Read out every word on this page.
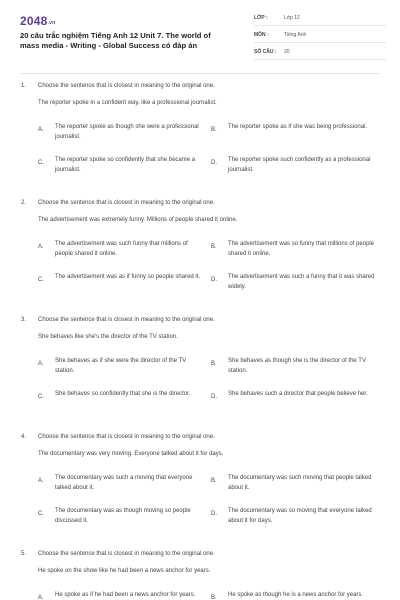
2048.vn
20 câu trắc nghiệm Tiếng Anh 12 Unit 7. The world of mass media - Writing - Global Success có đáp án
LỚP :	Lớp 12
MÔN :	Tiếng Anh
SỐ CÂU : 20
1. Choose the sentence that is closest in meaning to the original one.
The reporter spoke in a confident way, like a professional journalist.
A. The reporter spoke as though she were a professional journalist.
B. The reporter spoke as if she was being professional.
C. The reporter spoke so confidently that she became a journalist.
D. The reporter spoke such confidently as a professional journalist.
2. Choose the sentence that is closest in meaning to the original one.
The advertisement was extremely funny. Millions of people shared it online.
A. The advertisement was such funny that millions of people shared it online.
B. The advertisement was so funny that millions of people shared it online.
C. The advertisement was as if funny so people shared it.	D. The advertisement was such a funny that it was shared widely.
3. Choose the sentence that is closest in meaning to the original one.
She behaves like she's the director of the TV station.
A. She behaves as if she were the director of the TV station.
B. She behaves as though she is the director of the TV station.
C. She behaves so confidently that she is the director.	D. She behaves such a director that people believe her.
4. Choose the sentence that is closest in meaning to the original one.
The documentary was very moving. Everyone talked about it for days.
A. The documentary was such a moving that everyone talked about it.
B. The documentary was such moving that people talked about it.
C. The documentary was as though moving so people discussed it.
D. The documentary was so moving that everyone talked about it for days.
5. Choose the sentence that is closest in meaning to the original one.
He spoke on the show like he had been a news anchor for years.
A. He spoke as if he had been a news anchor for years.	B. He spoke as though he is a news anchor for years.
